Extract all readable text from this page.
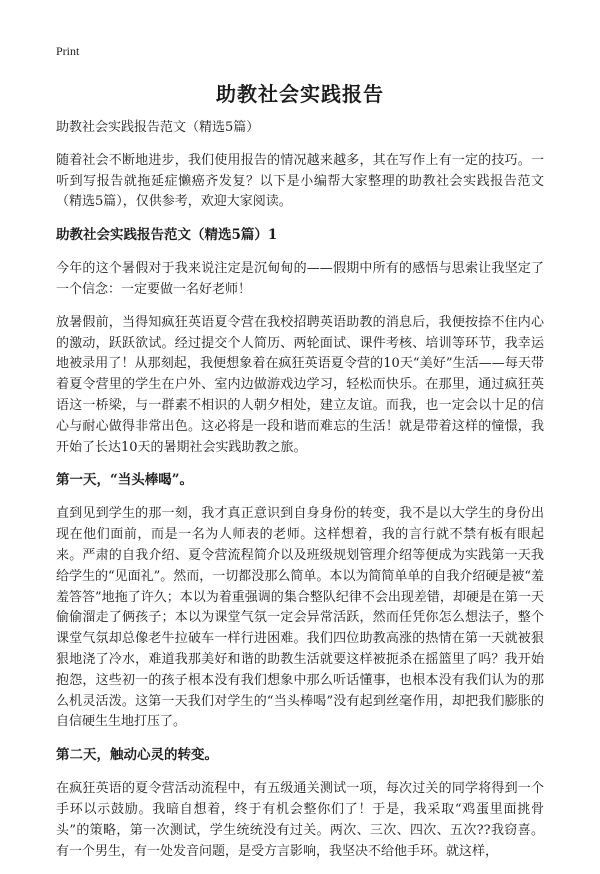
Print
助教社会实践报告

助教社会实践报告范文（精选5篇）

随着社会不断地进步，我们使用报告的情况越来越多，其在写作上有一定的技巧。一听到写报告就拖延症懒癌齐发复？以下是小编帮大家整理的助教社会实践报告范文（精选5篇），仅供参考，欢迎大家阅读。

助教社会实践报告范文（精选5篇）1

今年的这个暑假对于我来说注定是沉甸甸的——假期中所有的感悟与思索让我坚定了一个信念：一定要做一名好老师！

放暑假前，当得知疯狂英语夏令营在我校招聘英语助教的消息后，我便按捺不住内心的激动，跃跃欲试。经过提交个人简历、两轮面试、课件考核、培训等环节，我幸运地被录用了！从那刻起，我便想象着在疯狂英语夏令营的10天“美好”生活——每天带着夏令营里的学生在户外、室内边做游戏边学习，轻松而快乐。在那里，通过疯狂英语这一桥梁，与一群素不相识的人朝夕相处，建立友谊。而我，也一定会以十足的信心与耐心做得非常出色。这必将是一段和谐而难忘的生活！就是带着这样的憧憬，我开始了长达10天的暑期社会实践助教之旅。

第一天，“当头棒喝”。

直到见到学生的那一刻，我才真正意识到自身身份的转变，我不是以大学生的身份出现在他们面前，而是一名为人师表的老师。这样想着，我的言行就不禁有板有眼起来。严肃的自我介绍、夏令营流程简介以及班级规划管理介绍等便成为实践第一天我给学生的“见面礼”。然而，一切都没那么简单。本以为简简单单的自我介绍硬是被“羞羞答答”地拖了许久；本以为着重强调的集合整队纪律不会出现差错，却硬是在第一天偷偷溜走了俩孩子；本以为课堂气氛一定会异常活跃，然而任凭你怎么想法子，整个课堂气氛却总像老牛拉破车一样行进困难。我们四位助教高涨的热情在第一天就被狠狠地浇了冷水，难道我那美好和谐的助教生活就要这样被扼杀在摇篮里了吗？我开始抱怨，这些初一的孩子根本没有我们想象中那么听话懂事，也根本没有我们认为的那么机灵活泼。这第一天我们对学生的“当头棒喝”没有起到丝毫作用，却把我们膨胀的自信硬生生地打压了。

第二天，触动心灵的转变。

在疯狂英语的夏令营活动流程中，有五级通关测试一项，每次过关的同学将得到一个手环以示鼓励。我暗自想着，终于有机会整你们了！于是，我采取“鸡蛋里面挑骨头”的策略，第一次测试，学生统统没有过关。两次、三次、四次、五次??我窃喜。有一个男生，有一处发音问题，是受方言影响，我坚决不给他手环。就这样，
